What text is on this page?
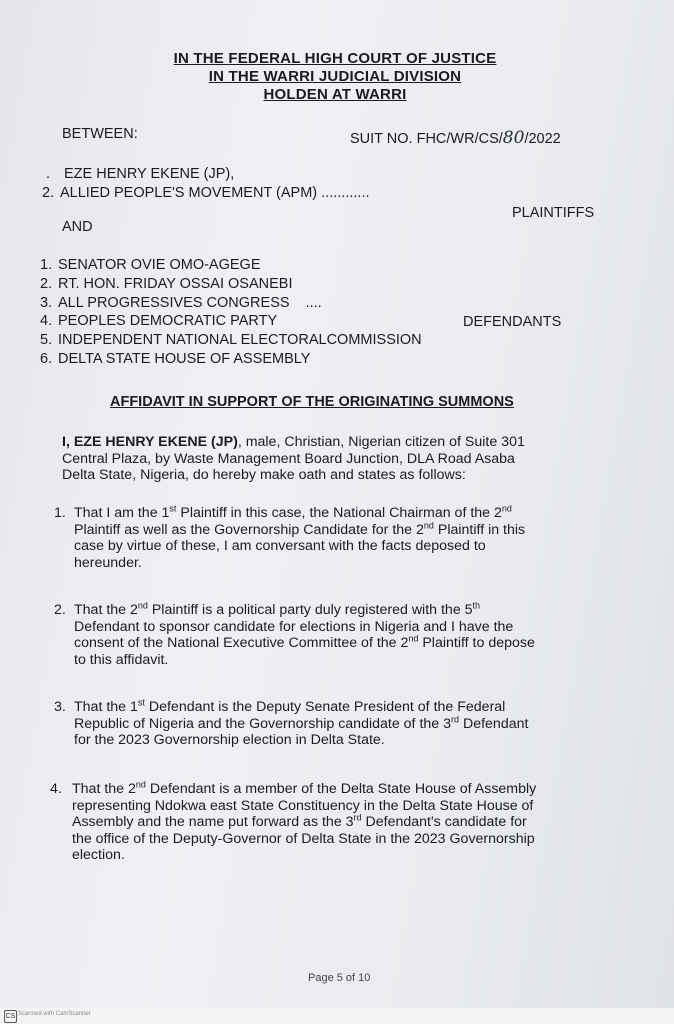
IN THE FEDERAL HIGH COURT OF JUSTICE
IN THE WARRI JUDICIAL DIVISION
HOLDEN AT WARRI
BETWEEN:	SUIT NO. FHC/WR/CS/80/2022
. EZE HENRY EKENE (JP),
2. ALLIED PEOPLE'S MOVEMENT (APM) ............
PLAINTIFFS
AND
1. SENATOR OVIE OMO-AGEGE
2. RT. HON. FRIDAY OSSAI OSANEBI
3. ALL PROGRESSIVES CONGRESS ....
DEFENDANTS
4. PEOPLES DEMOCRATIC PARTY
5. INDEPENDENT NATIONAL ELECTORALCOMMISSION
6. DELTA STATE HOUSE OF ASSEMBLY
AFFIDAVIT IN SUPPORT OF THE ORIGINATING SUMMONS
I, EZE HENRY EKENE (JP), male, Christian, Nigerian citizen of Suite 301
Central Plaza, by Waste Management Board Junction, DLA Road Asaba
Delta State, Nigeria, do hereby make oath and states as follows:
1. That I am the 1st Plaintiff in this case, the National Chairman of the 2nd
Plaintiff as well as the Governorship Candidate for the 2nd Plaintiff in this
case by virtue of these, I am conversant with the facts deposed to
hereunder.
2. That the 2nd Plaintiff is a political party duly registered with the 5th
Defendant to sponsor candidate for elections in Nigeria and I have the
consent of the National Executive Committee of the 2nd Plaintiff to depose
to this affidavit.
3. That the 1st Defendant is the Deputy Senate President of the Federal
Republic of Nigeria and the Governorship candidate of the 3rd Defendant
for the 2023 Governorship election in Delta State.
4. That the 2nd Defendant is a member of the Delta State House of Assembly
representing Ndokwa east State Constituency in the Delta State House of
Assembly and the name put forward as the 3rd Defendant's candidate for
the office of the Deputy-Governor of Delta State in the 2023 Governorship
election.
Page 5 of 10
CS Scanned with CamScanner
